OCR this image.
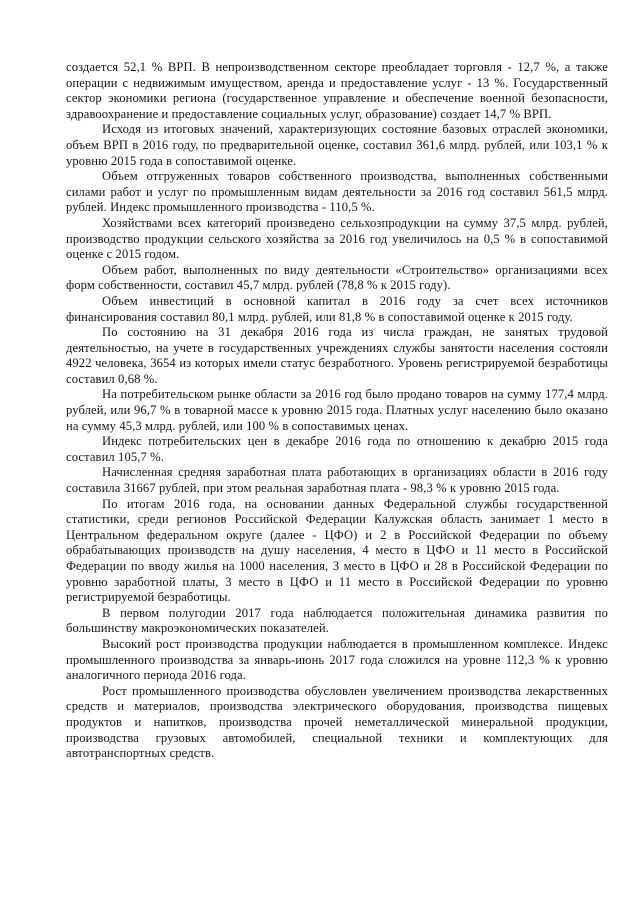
создается 52,1 % ВРП. В непроизводственном секторе преобладает торговля - 12,7 %, а также операции с недвижимым имуществом, аренда и предоставление услуг - 13 %. Государственный сектор экономики региона (государственное управление и обеспечение военной безопасности, здравоохранение и предоставление социальных услуг, образование) создает 14,7 % ВРП.

Исходя из итоговых значений, характеризующих состояние базовых отраслей экономики, объем ВРП в 2016 году, по предварительной оценке, составил 361,6 млрд. рублей, или 103,1 % к уровню 2015 года в сопоставимой оценке.

Объем отгруженных товаров собственного производства, выполненных собственными силами работ и услуг по промышленным видам деятельности за 2016 год составил 561,5 млрд. рублей. Индекс промышленного производства - 110,5 %.

Хозяйствами всех категорий произведено сельхозпродукции на сумму 37,5 млрд. рублей, производство продукции сельского хозяйства за 2016 год увеличилось на 0,5 % в сопоставимой оценке с 2015 годом.

Объем работ, выполненных по виду деятельности «Строительство» организациями всех форм собственности, составил 45,7 млрд. рублей (78,8 % к 2015 году).

Объем инвестиций в основной капитал в 2016 году за счет всех источников финансирования составил 80,1 млрд. рублей, или 81,8 % в сопоставимой оценке к 2015 году.

По состоянию на 31 декабря 2016 года из числа граждан, не занятых трудовой деятельностью, на учете в государственных учреждениях службы занятости населения состояли 4922 человека, 3654 из которых имели статус безработного. Уровень регистрируемой безработицы составил 0,68 %.

На потребительском рынке области за 2016 год было продано товаров на сумму 177,4 млрд. рублей, или 96,7 % в товарной массе к уровню 2015 года. Платных услуг населению было оказано на сумму 45,3 млрд. рублей, или 100 % в сопоставимых ценах.

Индекс потребительских цен в декабре 2016 года по отношению к декабрю 2015 года составил 105,7 %.

Начисленная средняя заработная плата работающих в организациях области в 2016 году составила 31667 рублей, при этом реальная заработная плата - 98,3 % к уровню 2015 года.

По итогам 2016 года, на основании данных Федеральной службы государственной статистики, среди регионов Российской Федерации Калужская область занимает 1 место в Центральном федеральном округе (далее - ЦФО) и 2 в Российской Федерации по объему обрабатывающих производств на душу населения, 4 место в ЦФО и 11 место в Российской Федерации по вводу жилья на 1000 населения, 3 место в ЦФО и 28 в Российской Федерации по уровню заработной платы, 3 место в ЦФО и 11 место в Российской Федерации по уровню регистрируемой безработицы.

В первом полугодии 2017 года наблюдается положительная динамика развития по большинству макроэкономических показателей.

Высокий рост производства продукции наблюдается в промышленном комплексе. Индекс промышленного производства за январь-июнь 2017 года сложился на уровне 112,3 % к уровню аналогичного периода 2016 года.

Рост промышленного производства обусловлен увеличением производства лекарственных средств и материалов, производства электрического оборудования, производства пищевых продуктов и напитков, производства прочей неметаллической минеральной продукции, производства грузовых автомобилей, специальной техники и комплектующих для автотранспортных средств.
